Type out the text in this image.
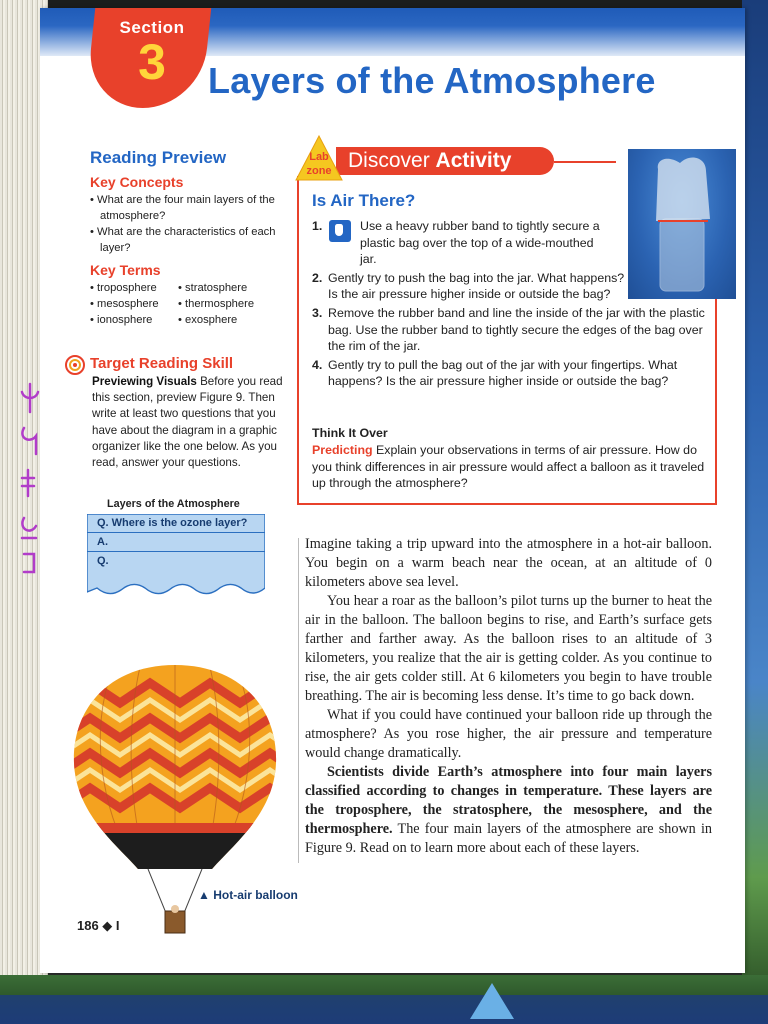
Section
3	Layers of the Atmosphere
Reading Preview
Key Concepts
• What are the four main layers of the atmosphere?
• What are the characteristics of each layer?
Key Terms
• troposphere	• stratosphere
• mesosphere	• thermosphere
• ionosphere	• exosphere
Target Reading Skill
Previewing Visuals Before you read this section, preview Figure 9. Then write at least two questions that you have about the diagram in a graphic organizer like the one below. As you read, answer your questions.
Layers of the Atmosphere
Q. Where is the ozone layer?
A.
Q.
▲ Hot-air balloon
186 ◆ I
Lab
zone Discover Activity
Is Air There?
1.	Use a heavy rubber band to tightly secure a plastic bag over the top of a wide-mouthed jar.
2. Gently try to push the bag into the jar. What happens? Is the air pressure higher inside or outside the bag?
3. Remove the rubber band and line the inside of the jar with the plastic bag. Use the rubber band to tightly secure the edges of the bag over the rim of the jar.
4. Gently try to pull the bag out of the jar with your fingertips. What happens? Is the air pressure higher inside or outside the bag?
Think It Over
Predicting Explain your observations in terms of air pressure. How do you think differences in air pressure would affect a balloon as it traveled up through the atmosphere?

Imagine taking a trip upward into the atmosphere in a hot-air balloon. You begin on a warm beach near the ocean, at an altitude of 0 kilometers above sea level.

You hear a roar as the balloon’s pilot turns up the burner to heat the air in the balloon. The balloon begins to rise, and Earth’s surface gets farther and farther away. As the balloon rises to an altitude of 3 kilometers, you realize that the air is getting colder. As you continue to rise, the air gets colder still. At 6 kilometers you begin to have trouble breathing. The air is becoming less dense. It’s time to go back down.

What if you could have continued your balloon ride up through the atmosphere? As you rose higher, the air pressure and temperature would change dramatically.

Scientists divide Earth’s atmosphere into four main layers classified according to changes in temperature. These layers are the troposphere, the stratosphere, the mesosphere, and the thermosphere. The four main layers of the atmosphere are shown in Figure 9. Read on to learn more about each of these layers.
